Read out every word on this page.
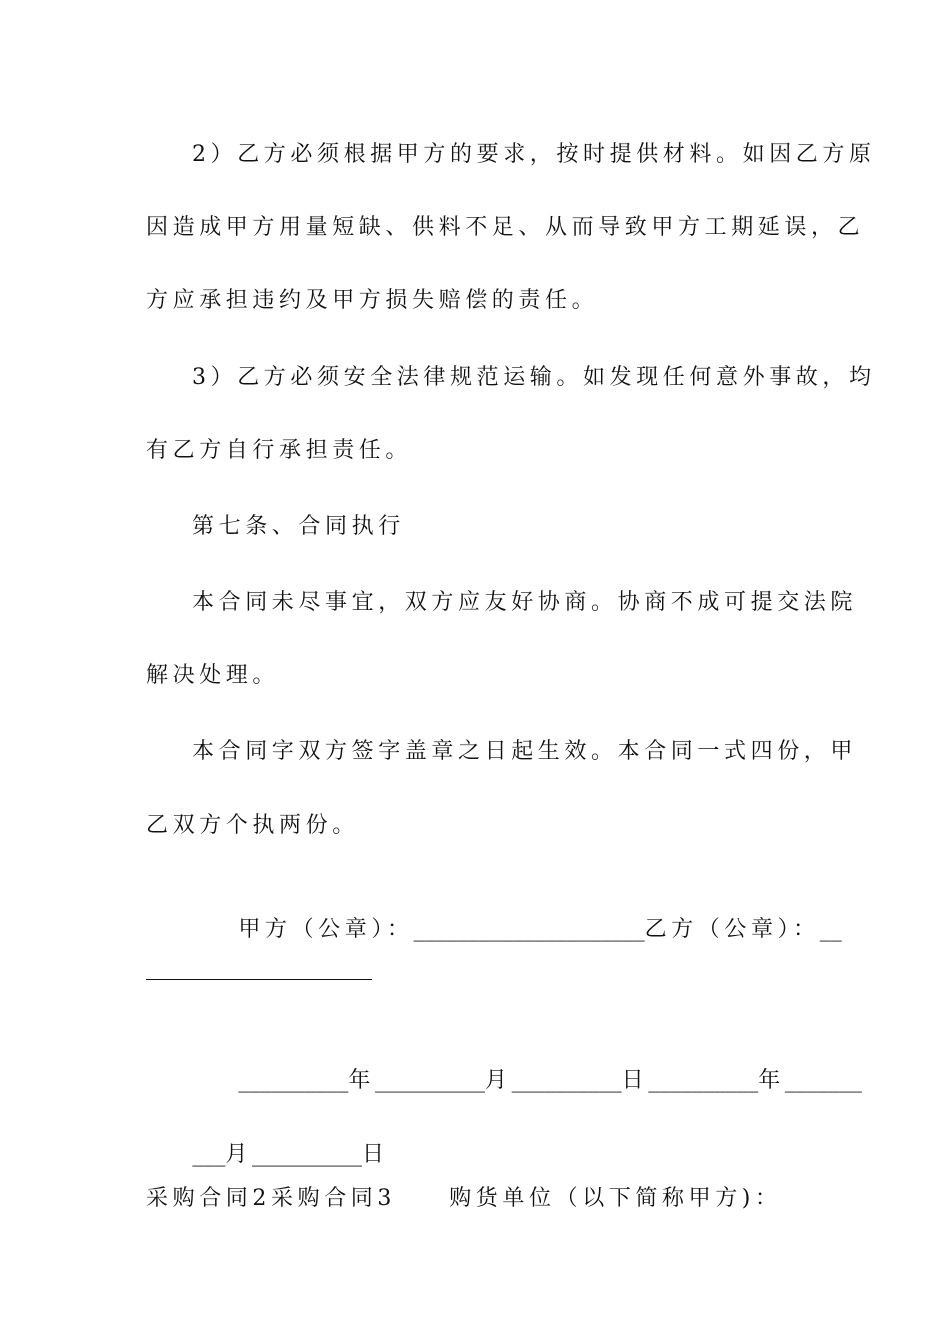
2）乙方必须根据甲方的要求，按时提供材料。如因乙方原
因造成甲方用量短缺、供料不足、从而导致甲方工期延误，乙
方应承担违约及甲方损失赔偿的责任。
3）乙方必须安全法律规范运输。如发现任何意外事故，均
有乙方自行承担责任。
第七条、合同执行
本合同未尽事宜，双方应友好协商。协商不成可提交法院
解决处理。
本合同字双方签字盖章之日起生效。本合同一式四份，甲
乙双方个执两份。

甲方（公章）：_____________________乙方（公章）：__

__________年__________月__________日__________年_______

___月__________日

采购合同2采购合同3　　购货单位（以下简称甲方)：
